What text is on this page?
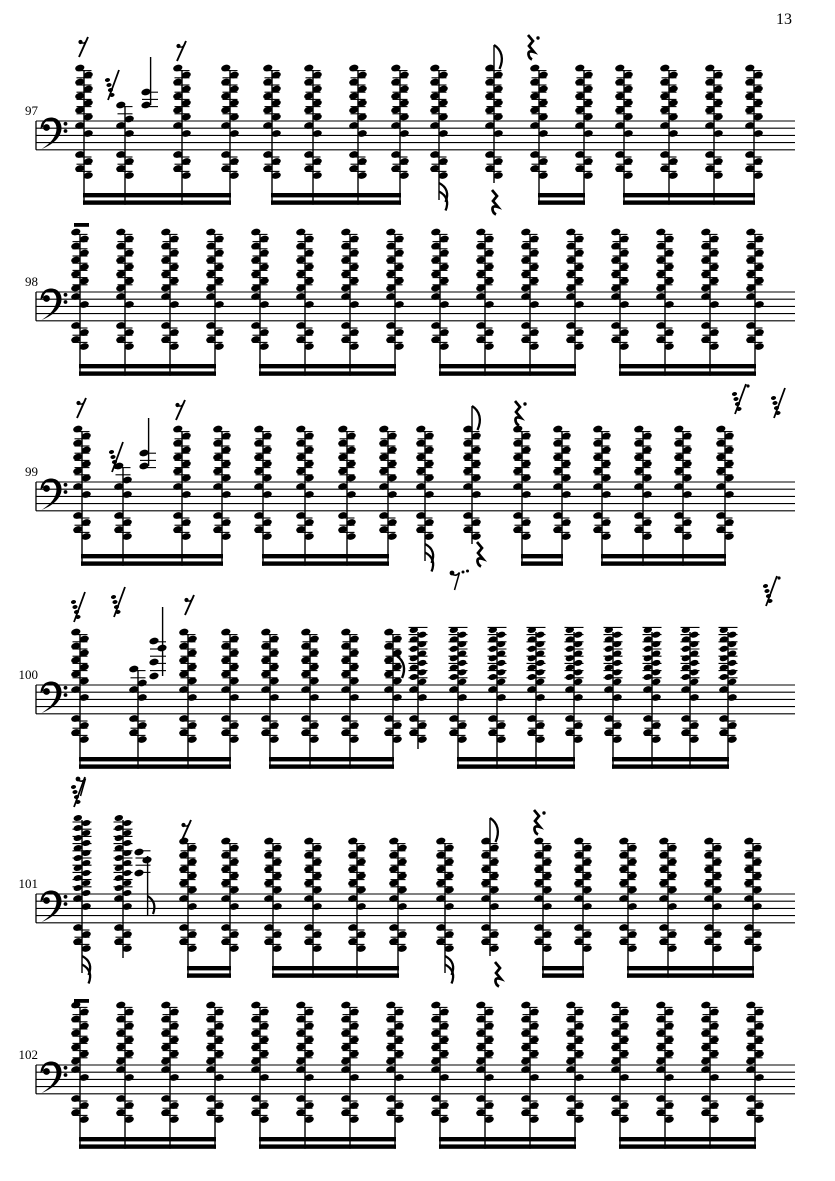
13
97
98
99
100
101
102
